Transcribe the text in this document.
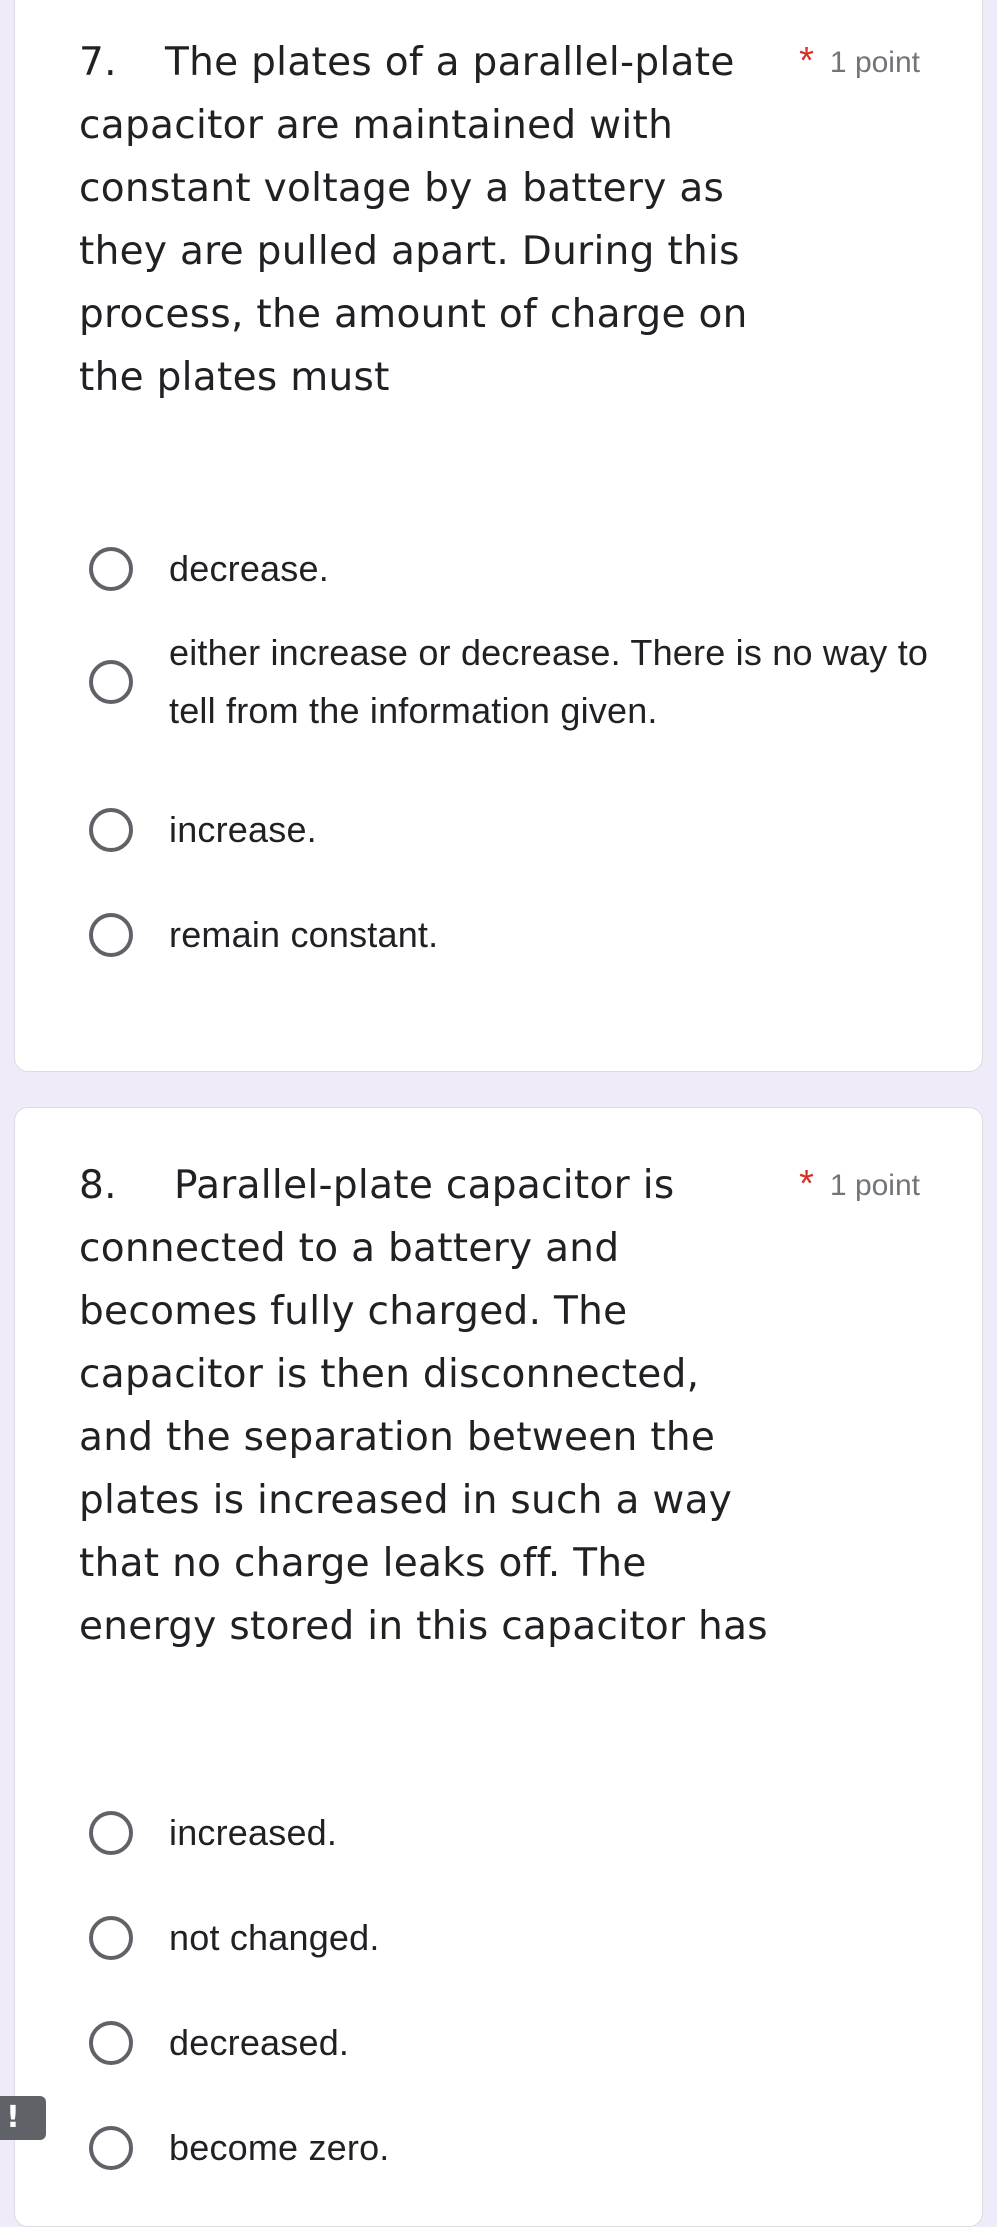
7. The plates of a parallel-plate capacitor are maintained with constant voltage by a battery as they are pulled apart. During this process, the amount of charge on the plates must

* 1 point
decrease.
either increase or decrease. There is no way to tell from the information given.
increase.
remain constant.

8. Parallel-plate capacitor is connected to a battery and becomes fully charged. The capacitor is then disconnected, and the separation between the plates is increased in such a way that no charge leaks off. The energy stored in this capacitor has

* 1 point
increased.
not changed.
decreased.
become zero.
!
